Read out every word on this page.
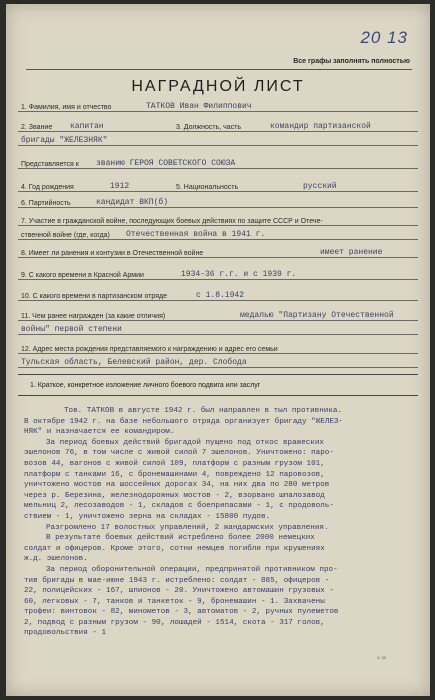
20 13
Все графы заполнять полностью
НАГРАДНОЙ ЛИСТ
1. Фамилия, имя и отчество	ТАТКОВ Иван Филиппович
2. Звание капитан	3. Должность, часть	командир партизанской
бригады "ЖЕЛЕЗНЯК"
Представляется к званию ГЕРОЯ СОВЕТСКОГО СОЮЗА
4. Год рождения	1912	5. Национальность	русский
6. Партийность	кандидат ВКП(б)
7. Участие в гражданской войне, последующих боевых действиях по защите СССР и Отече-
ственной войне (где, когда) Отечественная война в 1941 г.
8. Имеет ли ранения и контузии в Отечественной войне	имеет ранение
9. С какого времени в Красной Армии	1934-36 г.г. и с 1939 г.
10. С какого времени в партизанском отряде	с 1.8.1942
11. Чем ранее награжден (за какие отличия)	медалью "Партизану Отечественной
войны" первой степени
12. Адрес места рождения представляемого к награждению и адрес его семьи
Тульская область, Белевский район, дер. Слобода
1. Краткое, конкретное изложение личного боевого подвига или заслуг

Тов. ТАТКОВ в августе 1942 г. был направлен в тыл противника.

В октябре 1942 г. на базе небольшого отряда организует бригаду "ЖЕЛЕЗ-

НЯК" и назначается ее командиром.

За период боевых действий бригадой пущено под откос вражеских

эшелонов 76, в том числе с живой силой 7 эшелонов. Уничтожено: паро-

возов 44, вагонов с живой силой 109, платформ с разным грузом 101,

платформ с танками 16, с бронемашинами 4, повреждено 12 паровозов,

уничтожено мостов на шоссейных дорогах 34, на них два по 280 метров

через р. Березина, железнодорожных мостов - 2, взорвано шпалозавод

мельниц 2, лесозаводов - 1, складов с боеприпасами - 1, с продоволь-

ствием - 1, уничтожено зерна на складах - 15800 пудов.

Разгромлено 17 волостных управлений, 2 жандармских управления.

В результате боевых действий истреблено более 2000 немецких

солдат и офицеров. Кроме этого, сотни немцев погибли при крушениях

ж.д. эшелонов.

За период оборонительной операции, предпринятой противником про-

тив бригады в мае-июне 1943 г. истреблено: солдат - 885, офицеров -

22, полицейских - 167, шпионов - 20. Уничтожено автомашин грузовых -

60, легковых - 7, танков и танкеток - 9, бронемашин - 1. Захвачены

трофеи: винтовок - 82, минометов - 3, автоматов - 2, ручных пулеметов

2, подвод с разным грузом - 90, лошадей - 1514, скота - 317 голов,

продовольствия - 1

3. 30
